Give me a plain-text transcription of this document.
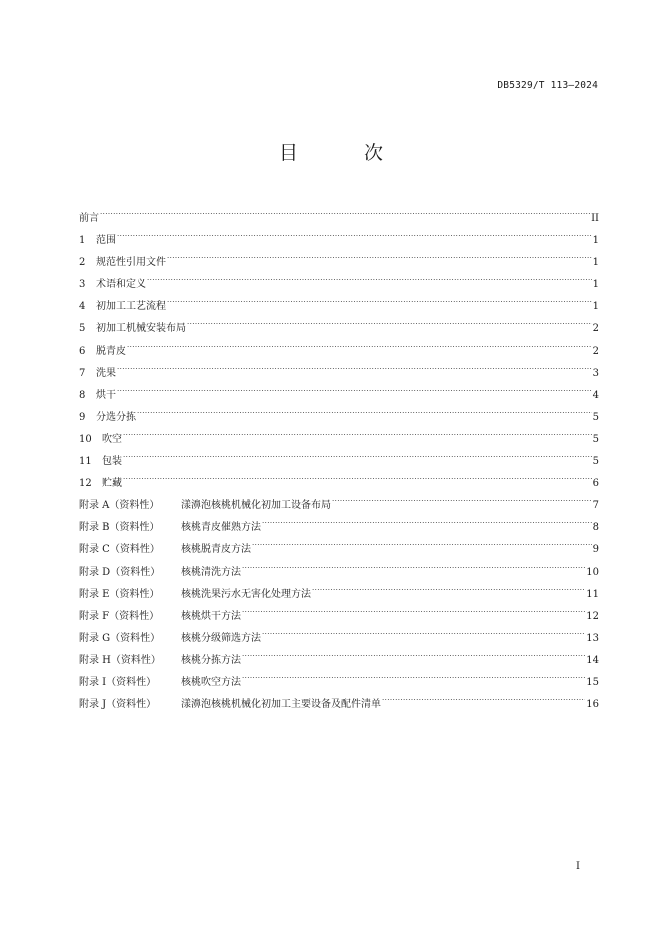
DB5329/T 113—2024
目 次
前言 .....	II
1	范围 .....	1
2	规范性引用文件 .....	1
3	术语和定义 .....	1
4	初加工工艺流程 .....	1
5	初加工机械安装布局 .....	2
6	脱青皮 .....	2
7	洗果 .....	3
8	烘干 .....	4
9	分选分拣 .....	5
10	吹空 .....	5
11	包装 .....	5
12	贮藏 .....	6
附录 A（资料性）	漾濞泡核桃机械化初加工设备布局 .....	7
附录 B（资料性）	核桃青皮催熟方法 .....	8
附录 C（资料性）	核桃脱青皮方法 .....	9
附录 D（资料性）	核桃清洗方法 .....	10
附录 E（资料性）	核桃洗果污水无害化处理方法 .....	11
附录 F（资料性）	核桃烘干方法 .....	12
附录 G（资料性）	核桃分级筛选方法 .....	13
附录 H（资料性）	核桃分拣方法 .....	14
附录 I（资料性）	核桃吹空方法 .....	15
附录 J（资料性）	漾濞泡核桃机械化初加工主要设备及配件清单 .....	16
I
